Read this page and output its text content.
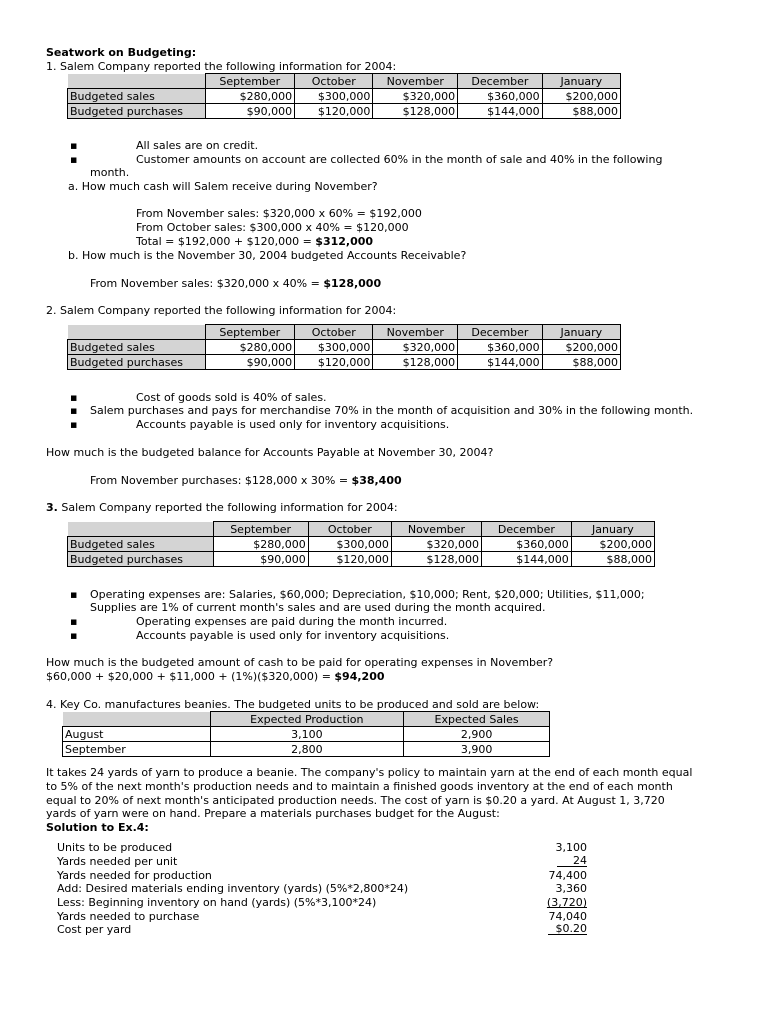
Seatwork on Budgeting:
1. Salem Company reported the following information for 2004:
	September	October	November	December	January
Budgeted sales	$280,000	$300,000	$320,000	$360,000	$200,000
Budgeted purchases	$90,000	$120,000	$128,000	$144,000	$88,000
▪	All sales are on credit.
▪	Customer amounts on account are collected 60% in the month of sale and 40% in the following
month.
a. How much cash will Salem receive during November?
From November sales: $320,000 x 60% = $192,000
From October sales: $300,000 x 40% = $120,000
Total = $192,000 + $120,000 = $312,000
b. How much is the November 30, 2004 budgeted Accounts Receivable?
From November sales: $320,000 x 40% = $128,000
2. Salem Company reported the following information for 2004:
	September	October	November	December	January
Budgeted sales	$280,000	$300,000	$320,000	$360,000	$200,000
Budgeted purchases	$90,000	$120,000	$128,000	$144,000	$88,000
▪	Cost of goods sold is 40% of sales.
▪ Salem purchases and pays for merchandise 70% in the month of acquisition and 30% in the following month.
▪	Accounts payable is used only for inventory acquisitions.
How much is the budgeted balance for Accounts Payable at November 30, 2004?
From November purchases: $128,000 x 30% = $38,400
3. Salem Company reported the following information for 2004:
	September	October	November	December	January
Budgeted sales	$280,000	$300,000	$320,000	$360,000	$200,000
Budgeted purchases	$90,000	$120,000	$128,000	$144,000	$88,000
▪ Operating expenses are: Salaries, $60,000; Depreciation, $10,000; Rent, $20,000; Utilities, $11,000;
Supplies are 1% of current month's sales and are used during the month acquired.
▪	Operating expenses are paid during the month incurred.
▪	Accounts payable is used only for inventory acquisitions.
How much is the budgeted amount of cash to be paid for operating expenses in November?
$60,000 + $20,000 + $11,000 + (1%)($320,000) = $94,200
4. Key Co. manufactures beanies. The budgeted units to be produced and sold are below:
	Expected Production	Expected Sales
August	3,100	2,900
September	2,800	3,900
It takes 24 yards of yarn to produce a beanie. The company's policy to maintain yarn at the end of each month equal
to 5% of the next month's production needs and to maintain a finished goods inventory at the end of each month
equal to 20% of next month's anticipated production needs. The cost of yarn is $0.20 a yard. At August 1, 3,720
yards of yarn were on hand. Prepare a materials purchases budget for the August:
Solution to Ex.4:
Units to be produced	3,100
Yards needed per unit	24
Yards needed for production	74,400
Add: Desired materials ending inventory (yards) (5%*2,800*24)	3,360
Less: Beginning inventory on hand (yards) (5%*3,100*24)	(3,720)
Yards needed to purchase	74,040
Cost per yard	$0.20
